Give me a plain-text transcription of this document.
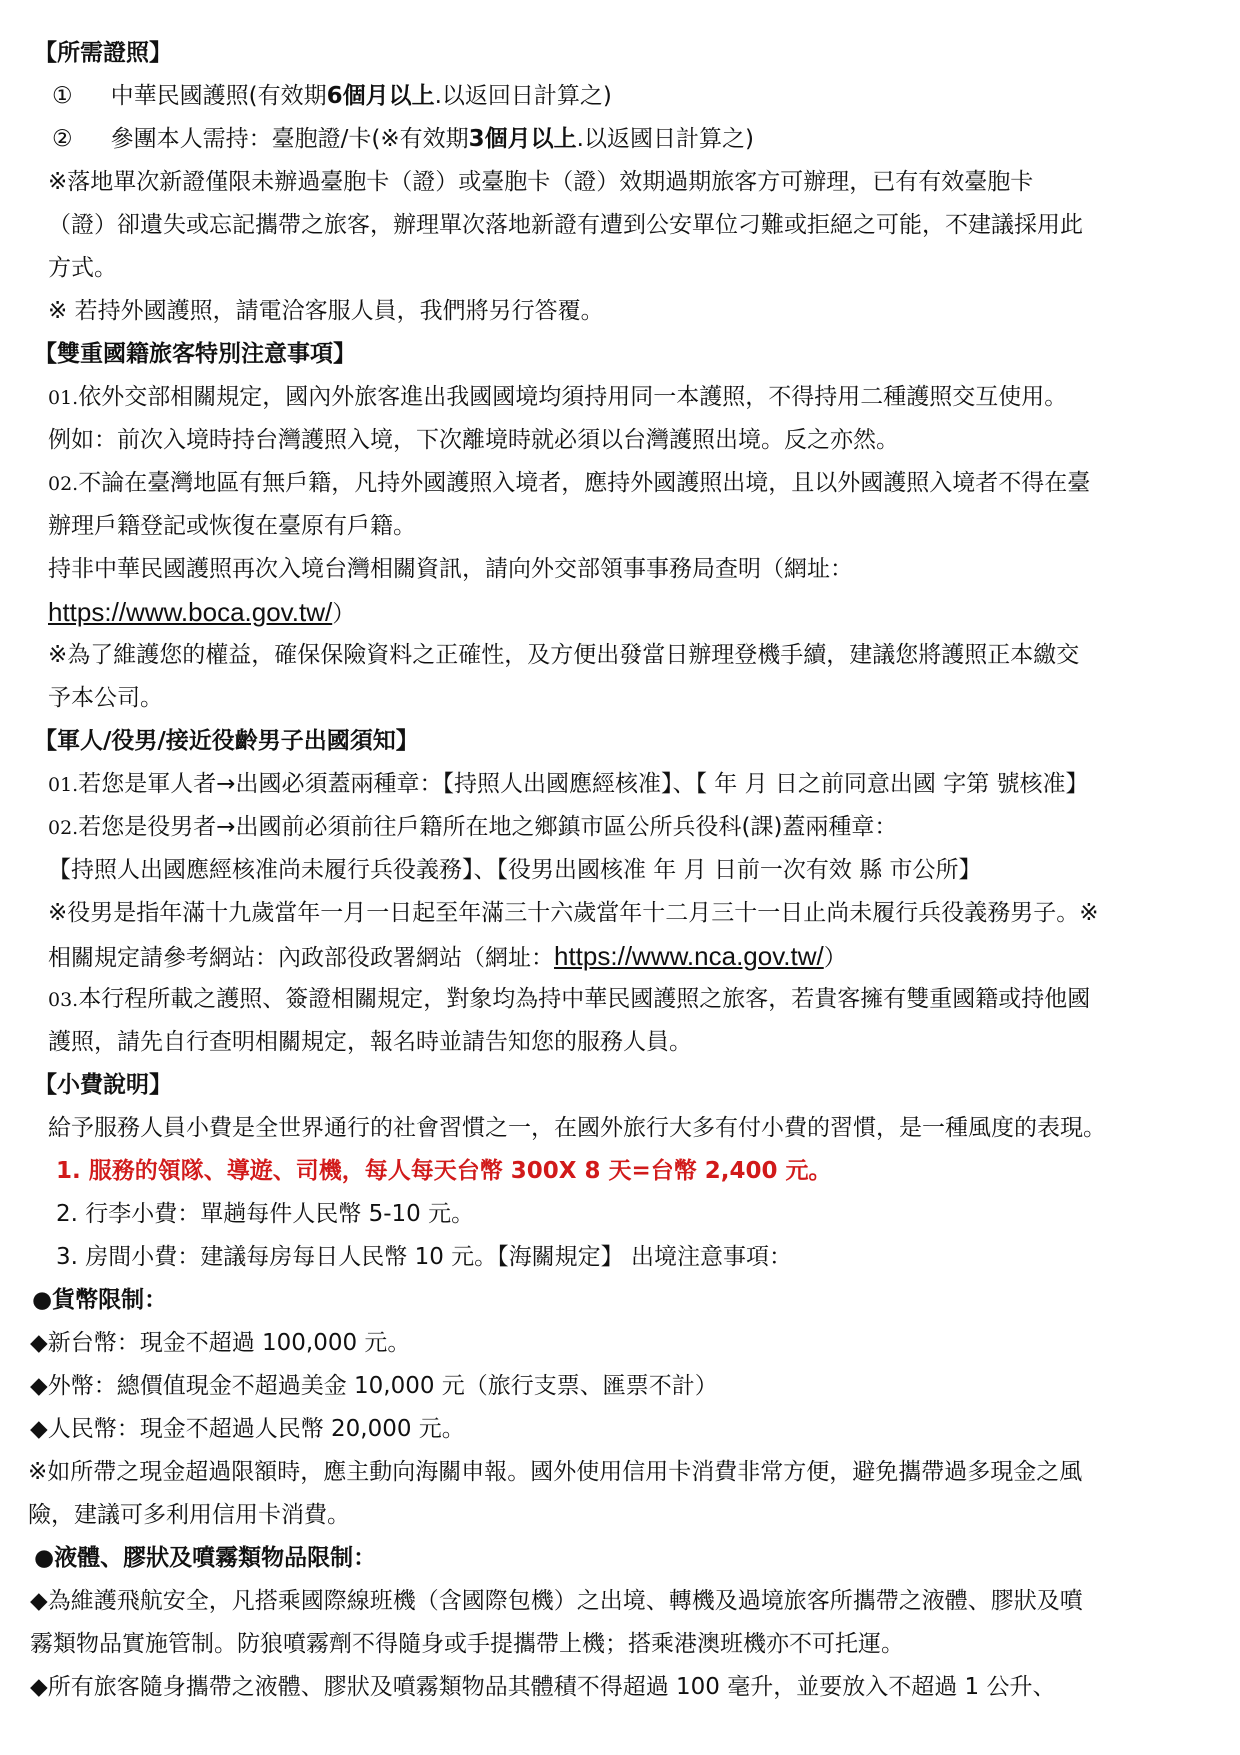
【所需證照】
① 中華民國護照(有效期6個月以上.以返回日計算之)
② 參團本人需持：臺胞證/卡(※有效期3個月以上.以返國日計算之)
※落地單次新證僅限未辦過臺胞卡（證）或臺胞卡（證）效期過期旅客方可辦理，已有有效臺胞卡
（證）卻遺失或忘記攜帶之旅客，辦理單次落地新證有遭到公安單位刁難或拒絕之可能，不建議採用此
方式。
※ 若持外國護照，請電洽客服人員，我們將另行答覆。
【雙重國籍旅客特別注意事項】
01.依外交部相關規定，國內外旅客進出我國國境均須持用同一本護照，不得持用二種護照交互使用。
例如：前次入境時持台灣護照入境，下次離境時就必須以台灣護照出境。反之亦然。
02.不論在臺灣地區有無戶籍，凡持外國護照入境者，應持外國護照出境，且以外國護照入境者不得在臺
辦理戶籍登記或恢復在臺原有戶籍。
持非中華民國護照再次入境台灣相關資訊，請向外交部領事事務局查明（網址：
https://www.boca.gov.tw/）
※為了維護您的權益，確保保險資料之正確性，及方便出發當日辦理登機手續，建議您將護照正本繳交
予本公司。
【軍人/役男/接近役齡男子出國須知】
01.若您是軍人者→出國必須蓋兩種章：【持照人出國應經核准】、【 年 月 日之前同意出國 字第 號核准】
02.若您是役男者→出國前必須前往戶籍所在地之鄉鎮市區公所兵役科(課)蓋兩種章：
【持照人出國應經核准尚未履行兵役義務】、【役男出國核准 年 月 日前一次有效 縣 市公所】
※役男是指年滿十九歲當年一月一日起至年滿三十六歲當年十二月三十一日止尚未履行兵役義務男子。※
相關規定請參考網站：內政部役政署網站（網址：https://www.nca.gov.tw/）
03.本行程所載之護照、簽證相關規定，對象均為持中華民國護照之旅客，若貴客擁有雙重國籍或持他國
護照，請先自行查明相關規定，報名時並請告知您的服務人員。
【小費說明】
給予服務人員小費是全世界通行的社會習慣之一，在國外旅行大多有付小費的習慣，是一種風度的表現。
1. 服務的領隊、導遊、司機，每人每天台幣 300X 8 天=台幣 2,400 元。
2. 行李小費：單趟每件人民幣 5-10 元。
3. 房間小費：建議每房每日人民幣 10 元。【海關規定】 出境注意事項：
●貨幣限制：
◆新台幣：現金不超過 100,000 元。
◆外幣：總價值現金不超過美金 10,000 元（旅行支票、匯票不計）
◆人民幣：現金不超過人民幣 20,000 元。
※如所帶之現金超過限額時，應主動向海關申報。國外使用信用卡消費非常方便，避免攜帶過多現金之風
險，建議可多利用信用卡消費。
●液體、膠狀及噴霧類物品限制：
◆為維護飛航安全，凡搭乘國際線班機（含國際包機）之出境、轉機及過境旅客所攜帶之液體、膠狀及噴
霧類物品實施管制。防狼噴霧劑不得隨身或手提攜帶上機；搭乘港澳班機亦不可托運。
◆所有旅客隨身攜帶之液體、膠狀及噴霧類物品其體積不得超過 100 毫升，並要放入不超過 1 公升、
